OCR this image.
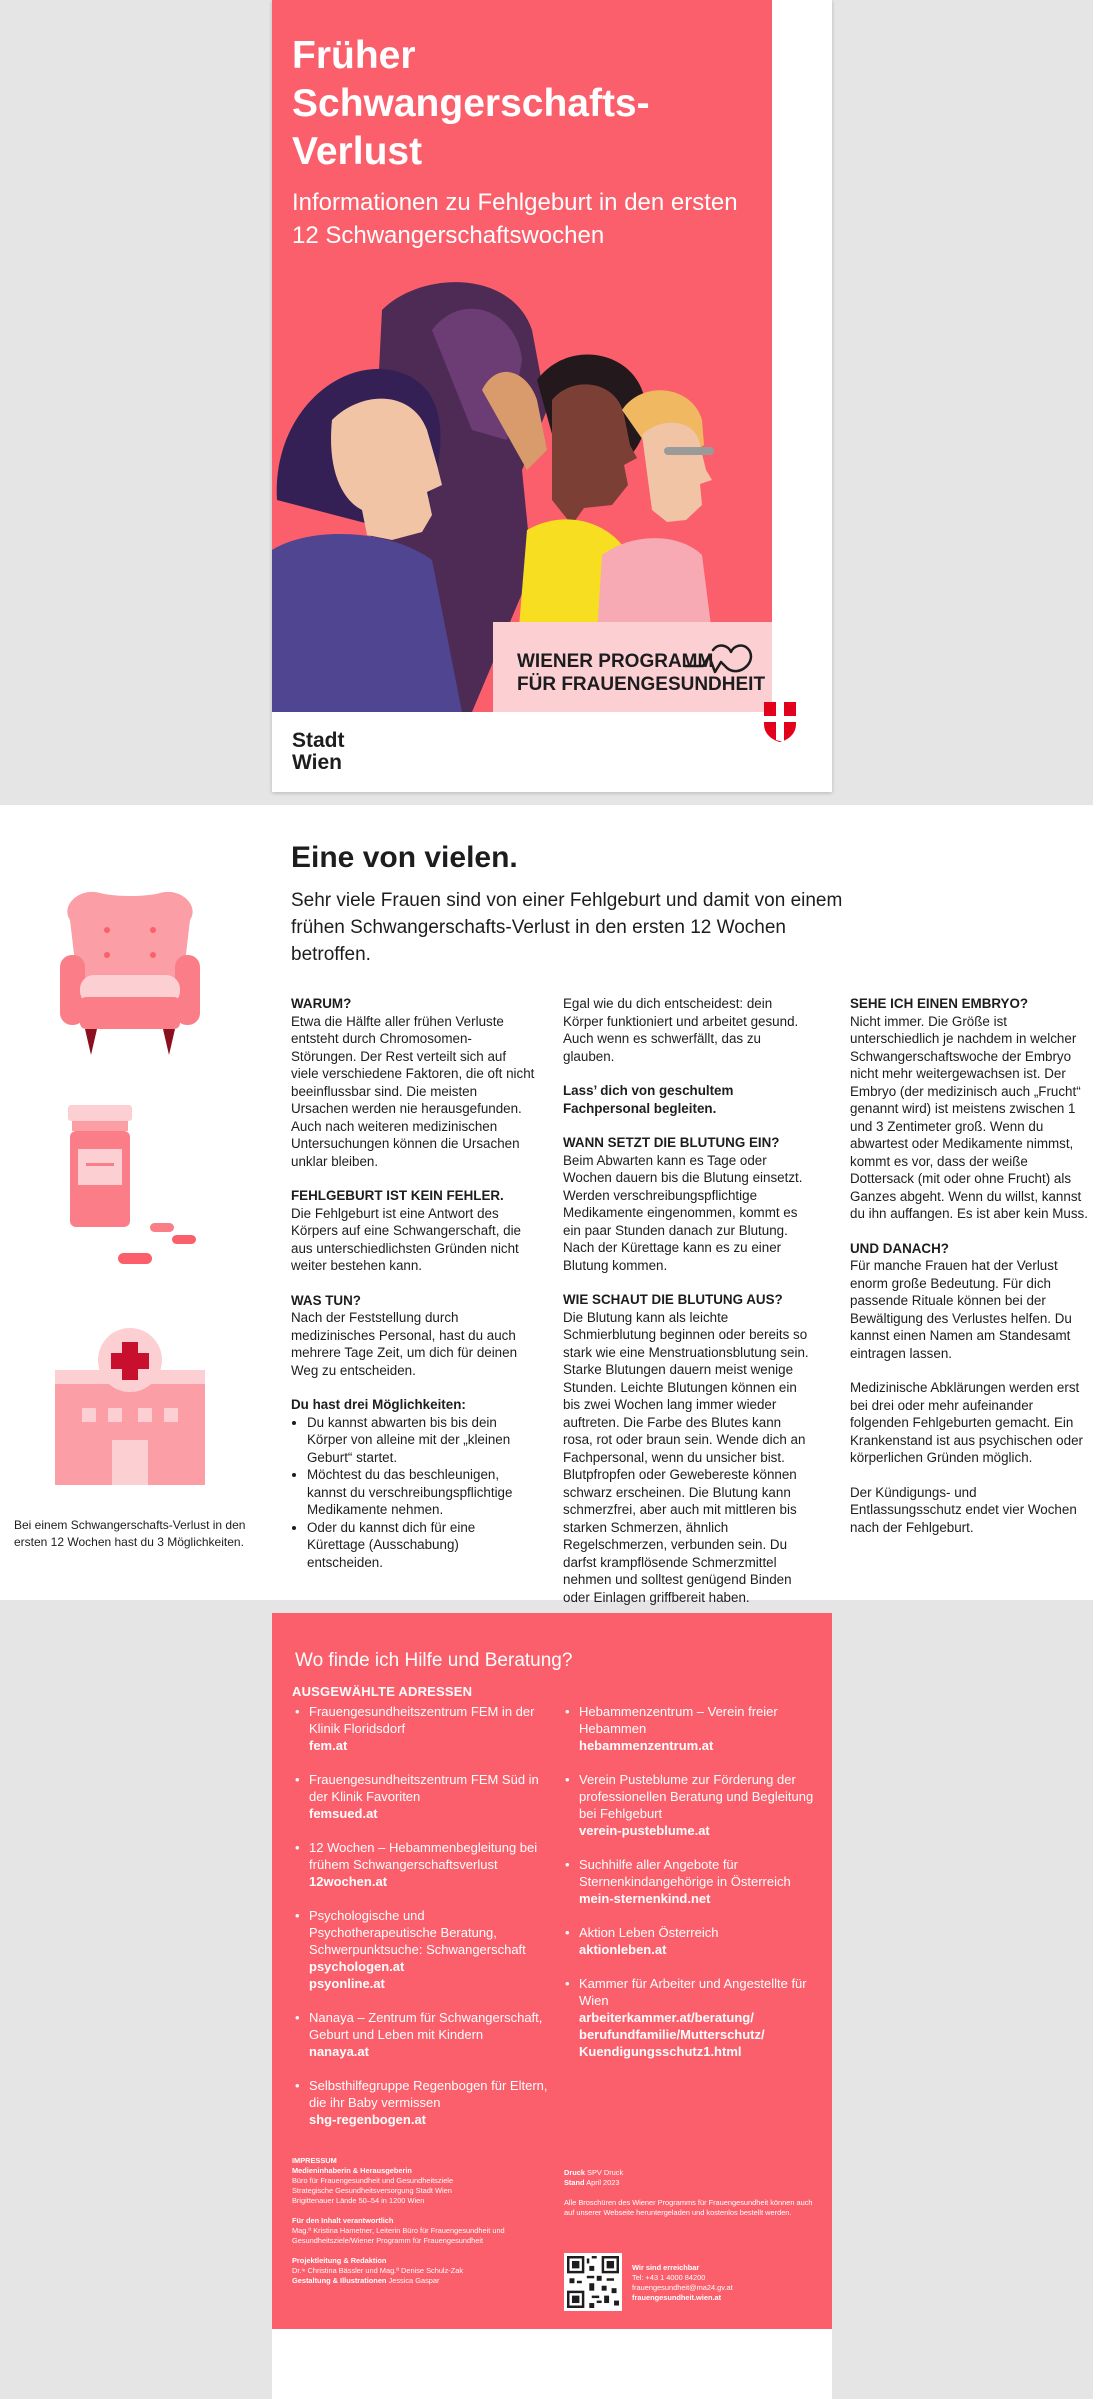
Früher Schwangerschafts-Verlust
Informationen zu Fehlgeburt in den ersten 12 Schwangerschaftswochen
WIENER PROGRAMM
FÜR FRAUENGESUNDHEIT
Stadt
Wien
Eine von vielen.
Sehr viele Frauen sind von einer Fehlgeburt und damit von einem frühen Schwangerschafts-Verlust in den ersten 12 Wochen betroffen.
Bei einem Schwangerschafts-Verlust in den ersten 12 Wochen hast du 3 Möglichkeiten.
WARUM?

Etwa die Hälfte aller frühen Verluste entsteht durch Chromosomen-Störungen. Der Rest verteilt sich auf viele verschiedene Faktoren, die oft nicht beeinflussbar sind. Die meisten Ursachen werden nie herausgefunden. Auch nach weiteren medizinischen Untersuchungen können die Ursachen unklar bleiben.

FEHLGEBURT IST KEIN FEHLER.

Die Fehlgeburt ist eine Antwort des Körpers auf eine Schwangerschaft, die aus unterschiedlichsten Gründen nicht weiter bestehen kann.

WAS TUN?

Nach der Feststellung durch medizinisches Personal, hast du auch mehrere Tage Zeit, um dich für deinen Weg zu entscheiden.

Du hast drei Möglichkeiten:
• Du kannst abwarten bis bis dein Körper von alleine mit der „kleinen Geburt“ startet.
• Möchtest du das beschleunigen, kannst du verschreibungspflichtige Medikamente nehmen.
• Oder du kannst dich für eine Kürettage (Ausschabung) entscheiden.

Egal wie du dich entscheidest: dein Körper funktioniert und arbeitet gesund. Auch wenn es schwerfällt, das zu glauben.

Lass’ dich von geschultem Fachpersonal begleiten.

WANN SETZT DIE BLUTUNG EIN?

Beim Abwarten kann es Tage oder Wochen dauern bis die Blutung einsetzt. Werden verschreibungspflichtige Medikamente eingenommen, kommt es ein paar Stunden danach zur Blutung. Nach der Kürettage kann es zu einer Blutung kommen.

WIE SCHAUT DIE BLUTUNG AUS?

Die Blutung kann als leichte Schmierblutung beginnen oder bereits so stark wie eine Menstruationsblutung sein. Starke Blutungen dauern meist wenige Stunden. Leichte Blutungen können ein bis zwei Wochen lang immer wieder auftreten. Die Farbe des Blutes kann rosa, rot oder braun sein. Wende dich an Fachpersonal, wenn du unsicher bist. Blutpfropfen oder Gewebereste können schwarz erscheinen. Die Blutung kann schmerzfrei, aber auch mit mittleren bis starken Schmerzen, ähnlich Regelschmerzen, verbunden sein. Du darfst krampflösende Schmerzmittel nehmen und solltest genügend Binden oder Einlagen griffbereit haben.

SEHE ICH EINEN EMBRYO?

Nicht immer. Die Größe ist unterschiedlich je nachdem in welcher Schwangerschaftswoche der Embryo nicht mehr weitergewachsen ist. Der Embryo (der medizinisch auch „Frucht“ genannt wird) ist meistens zwischen 1 und 3 Zentimeter groß. Wenn du abwartest oder Medikamente nimmst, kommt es vor, dass der weiße Dottersack (mit oder ohne Frucht) als Ganzes abgeht. Wenn du willst, kannst du ihn auffangen. Es ist aber kein Muss.

UND DANACH?

Für manche Frauen hat der Verlust enorm große Bedeutung. Für dich passende Rituale können bei der Bewältigung des Verlustes helfen. Du kannst einen Namen am Standesamt eintragen lassen.

Medizinische Abklärungen werden erst bei drei oder mehr aufeinander folgenden Fehlgeburten gemacht. Ein Krankenstand ist aus psychischen oder körperlichen Gründen möglich.

Der Kündigungs- und Entlassungsschutz endet vier Wochen nach der Fehlgeburt.

Wo finde ich Hilfe und Beratung?
AUSGEWÄHLTE ADRESSEN
• Frauengesundheitszentrum FEM in der Klinik Floridsdorf
fem.at
• Frauengesundheitszentrum FEM Süd in der Klinik Favoriten
femsued.at
• 12 Wochen – Hebammenbegleitung bei frühem Schwangerschaftsverlust
12wochen.at
• Psychologische und Psychotherapeutische Beratung, Schwerpunktsuche: Schwangerschaft
psychologen.at
psyonline.at
• Nanaya – Zentrum für Schwangerschaft, Geburt und Leben mit Kindern
nanaya.at
• Selbsthilfegruppe Regenbogen für Eltern, die ihr Baby vermissen
shg-regenbogen.at
• Hebammenzentrum – Verein freier Hebammen
hebammenzentrum.at
• Verein Pusteblume zur Förderung der professionellen Beratung und Begleitung bei Fehlgeburt
verein-pusteblume.at
• Suchhilfe aller Angebote für Sternenkindangehörige in Österreich
mein-sternenkind.net
• Aktion Leben Österreich
aktionleben.at
• Kammer für Arbeiter und Angestellte für Wien
arbeiterkammer.at/beratung/ berufundfamilie/Mutterschutz/ Kuendigungsschutz1.html
IMPRESSUM
Medieninhaberin & Herausgeberin
Büro für Frauengesundheit und Gesundheitsziele
Strategische Gesundheitsversorgung Stadt Wien
Brigittenauer Lände 50–54 in 1200 Wien

Für den Inhalt verantwortlich
Mag.ª Kristina Hametner, Leiterin Büro für Frauengesundheit und
Gesundheitsziele/Wiener Programm für Frauengesundheit

Projektleitung & Redaktion
Dr.ⁱⁿ Christina Bässler und Mag.ª Denise Schulz-Zak
Gestaltung & Illustrationen Jessica Gaspar
Druck SPV Druck
Stand April 2023

Alle Broschüren des Wiener Programms für Frauengesundheit können auch auf unserer Webseite heruntergeladen und kostenlos bestellt werden.
Wir sind erreichbar
Tel: +43 1 4000 84200
frauengesundheit@ma24.gv.at
frauengesundheit.wien.at
